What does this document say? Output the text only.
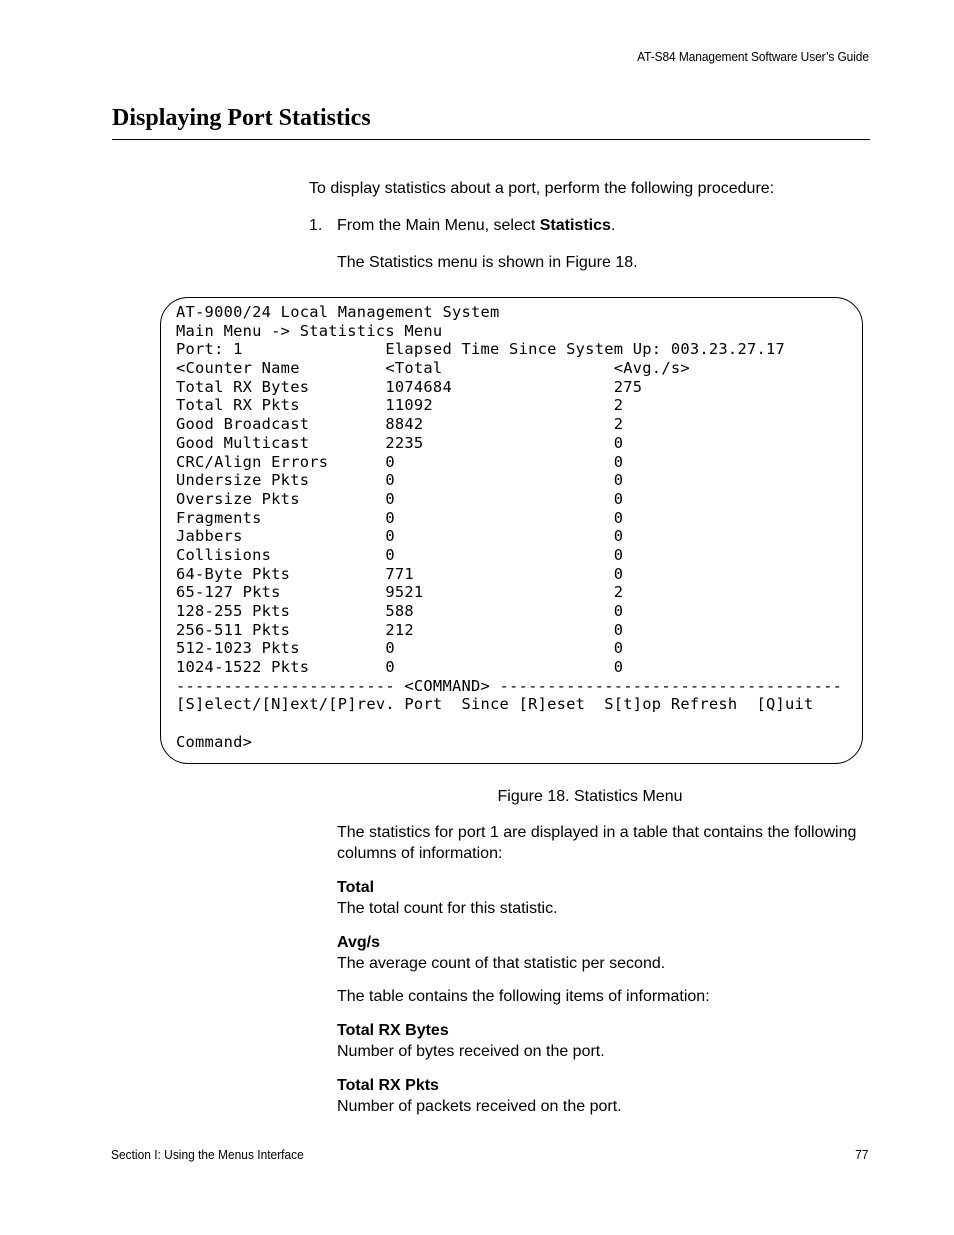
AT-S84 Management Software User’s Guide
Displaying Port Statistics
To display statistics about a port, perform the following procedure:
1. From the Main Menu, select Statistics.
The Statistics menu is shown in Figure 18.
AT-9000/24 Local Management System
Main Menu -> Statistics Menu
Port: 1               Elapsed Time Since System Up: 003.23.27.17
<Counter Name         <Total                  <Avg./s>
Total RX Bytes        1074684                 275
Total RX Pkts         11092                   2
Good Broadcast        8842                    2
Good Multicast        2235                    0
CRC/Align Errors      0                       0
Undersize Pkts        0                       0
Oversize Pkts         0                       0
Fragments             0                       0
Jabbers               0                       0
Collisions            0                       0
64-Byte Pkts          771                     0
65-127 Pkts           9521                    2
128-255 Pkts          588                     0
256-511 Pkts          212                     0
512-1023 Pkts         0                       0
1024-1522 Pkts        0                       0
----------------------- <COMMAND> ------------------------------------
[S]elect/[N]ext/[P]rev. Port  Since [R]eset  S[t]op Refresh  [Q]uit
Command>
Figure 18. Statistics Menu
The statistics for port 1 are displayed in a table that contains the following columns of information:
Total
The total count for this statistic.
Avg/s
The average count of that statistic per second.
The table contains the following items of information:
Total RX Bytes
Number of bytes received on the port.
Total RX Pkts
Number of packets received on the port.
Section I: Using the Menus Interface	77
